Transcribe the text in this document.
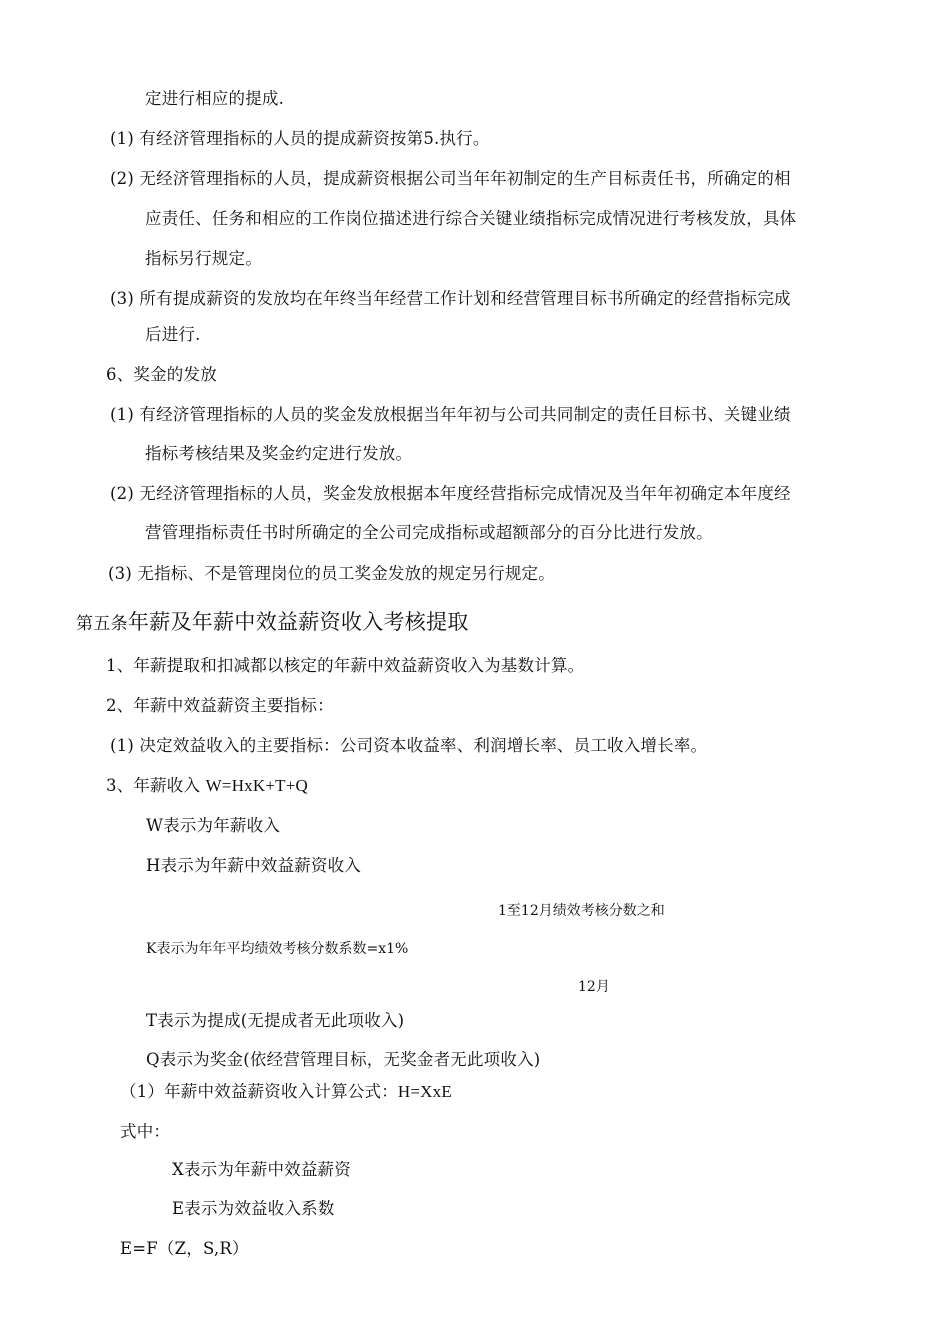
定进行相应的提成.
(1) 有经济管理指标的人员的提成薪资按第5.执行。
(2) 无经济管理指标的人员，提成薪资根据公司当年年初制定的生产目标责任书，所确定的相
应责任、任务和相应的工作岗位描述进行综合关键业绩指标完成情况进行考核发放，具体
指标另行规定。
(3) 所有提成薪资的发放均在年终当年经营工作计划和经营管理目标书所确定的经营指标完成
后进行.
6、奖金的发放
(1) 有经济管理指标的人员的奖金发放根据当年年初与公司共同制定的责任目标书、关键业绩
指标考核结果及奖金约定进行发放。
(2) 无经济管理指标的人员，奖金发放根据本年度经营指标完成情况及当年年初确定本年度经
营管理指标责任书时所确定的全公司完成指标或超额部分的百分比进行发放。
(3) 无指标、不是管理岗位的员工奖金发放的规定另行规定。
第五条年薪及年薪中效益薪资收入考核提取
1、年薪提取和扣减都以核定的年薪中效益薪资收入为基数计算。
2、年薪中效益薪资主要指标：
(1) 决定效益收入的主要指标：公司资本收益率、利润增长率、员工收入增长率。
3、年薪收入 W=HxK+T+Q
W表示为年薪收入
H表示为年薪中效益薪资收入
1至12月绩效考核分数之和
K表示为年年平均绩效考核分数系数=x1%
12月
T表示为提成(无提成者无此项收入)
Q表示为奖金(依经营管理目标，无奖金者无此项收入)
（1）年薪中效益薪资收入计算公式：H=XxE
式中：
X表示为年薪中效益薪资
E表示为效益收入系数
E=F（Z，S,R）
